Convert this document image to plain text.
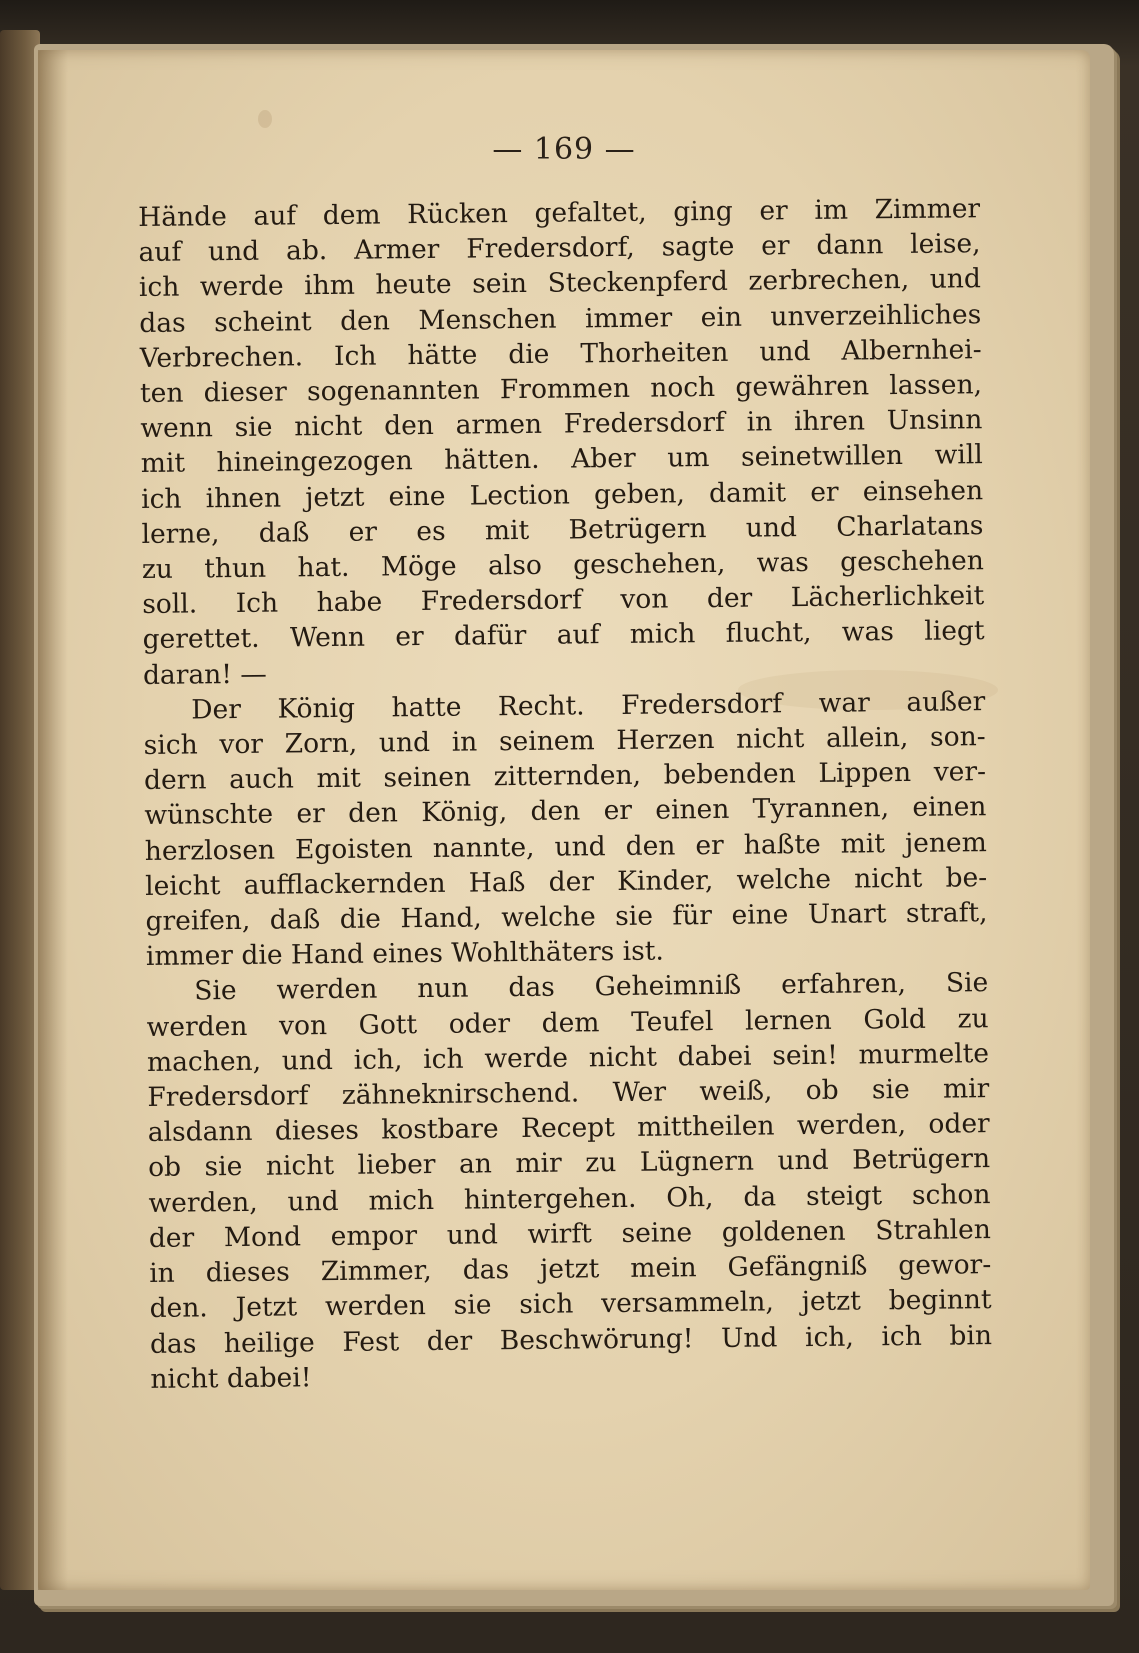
— 169 —
Hände auf dem Rücken gefaltet, ging er im Zimmer
auf und ab. Armer Fredersdorf, sagte er dann leise,
ich werde ihm heute sein Steckenpferd zerbrechen, und
das scheint den Menschen immer ein unverzeihliches
Verbrechen. Ich hätte die Thorheiten und Albernhei-
ten dieser sogenannten Frommen noch gewähren lassen,
wenn sie nicht den armen Fredersdorf in ihren Unsinn
mit hineingezogen hätten. Aber um seinetwillen will
ich ihnen jetzt eine Lection geben, damit er einsehen
lerne, daß er es mit Betrügern und Charlatans
zu thun hat. Möge also geschehen, was geschehen
soll. Ich habe Fredersdorf von der Lächerlichkeit
gerettet. Wenn er dafür auf mich flucht, was liegt
daran! —
Der König hatte Recht. Fredersdorf war außer
sich vor Zorn, und in seinem Herzen nicht allein, son-
dern auch mit seinen zitternden, bebenden Lippen ver-
wünschte er den König, den er einen Tyrannen, einen
herzlosen Egoisten nannte, und den er haßte mit jenem
leicht aufflackernden Haß der Kinder, welche nicht be-
greifen, daß die Hand, welche sie für eine Unart straft,
immer die Hand eines Wohlthäters ist.
Sie werden nun das Geheimniß erfahren, Sie
werden von Gott oder dem Teufel lernen Gold zu
machen, und ich, ich werde nicht dabei sein! murmelte
Fredersdorf zähneknirschend. Wer weiß, ob sie mir
alsdann dieses kostbare Recept mittheilen werden, oder
ob sie nicht lieber an mir zu Lügnern und Betrügern
werden, und mich hintergehen. Oh, da steigt schon
der Mond empor und wirft seine goldenen Strahlen
in dieses Zimmer, das jetzt mein Gefängniß gewor-
den. Jetzt werden sie sich versammeln, jetzt beginnt
das heilige Fest der Beschwörung! Und ich, ich bin
nicht dabei!
